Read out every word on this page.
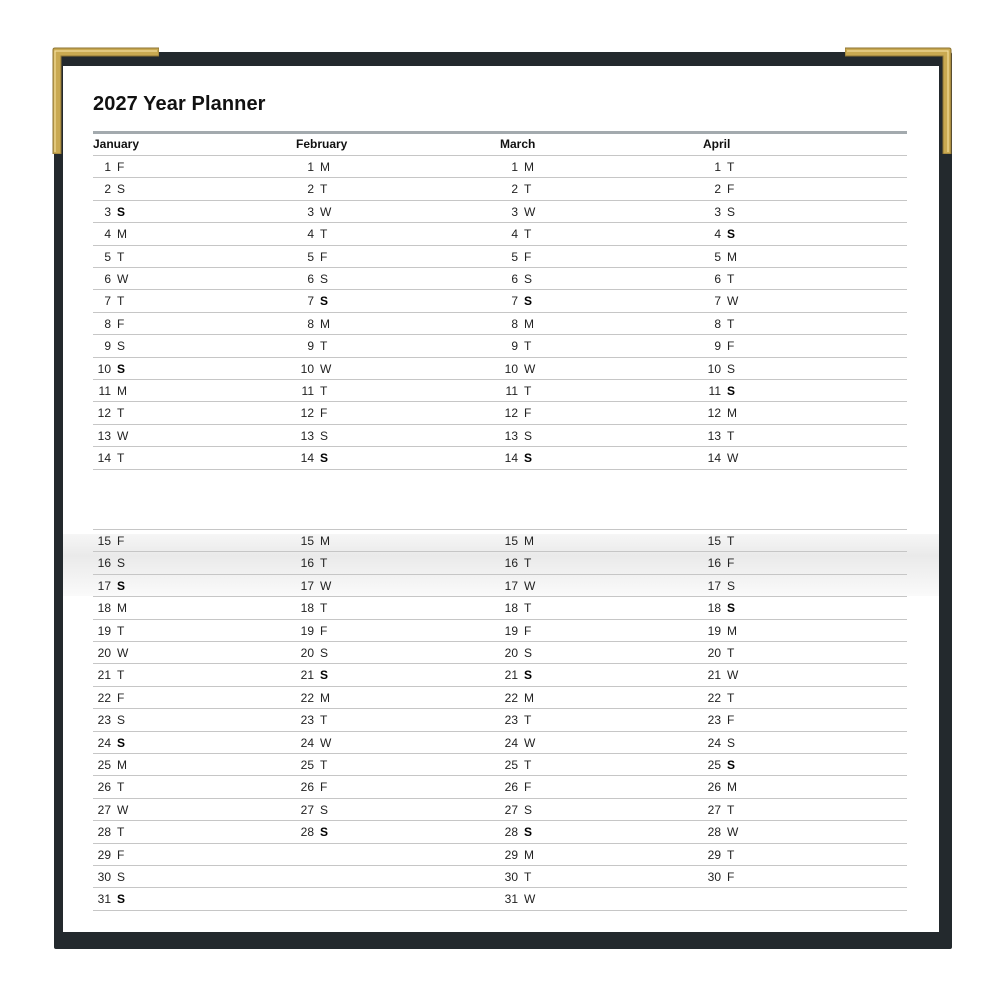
2027 Year Planner
January
1 F
2 S
3 S
4 M
5 T
6 W
7 T
8 F
9 S
10 S
11 M
12 T
13 W
14 T
15 F
16 S
17 S
18 M
19 T
20 W
21 T
22 F
23 S
24 S
25 M
26 T
27 W
28 T
29 F
30 S
31 S
February
1 M
2 T
3 W
4 T
5 F
6 S
7 S
8 M
9 T
10 W
11 T
12 F
13 S
14 S
15 M
16 T
17 W
18 T
19 F
20 S
21 S
22 M
23 T
24 W
25 T
26 F
27 S
28 S
March
1 M
2 T
3 W
4 T
5 F
6 S
7 S
8 M
9 T
10 W
11 T
12 F
13 S
14 S
15 M
16 T
17 W
18 T
19 F
20 S
21 S
22 M
23 T
24 W
25 T
26 F
27 S
28 S
29 M
30 T
31 W
April
1 T
2 F
3 S
4 S
5 M
6 T
7 W
8 T
9 F
10 S
11 S
12 M
13 T
14 W
15 T
16 F
17 S
18 S
19 M
20 T
21 W
22 T
23 F
24 S
25 S
26 M
27 T
28 W
29 T
30 F
